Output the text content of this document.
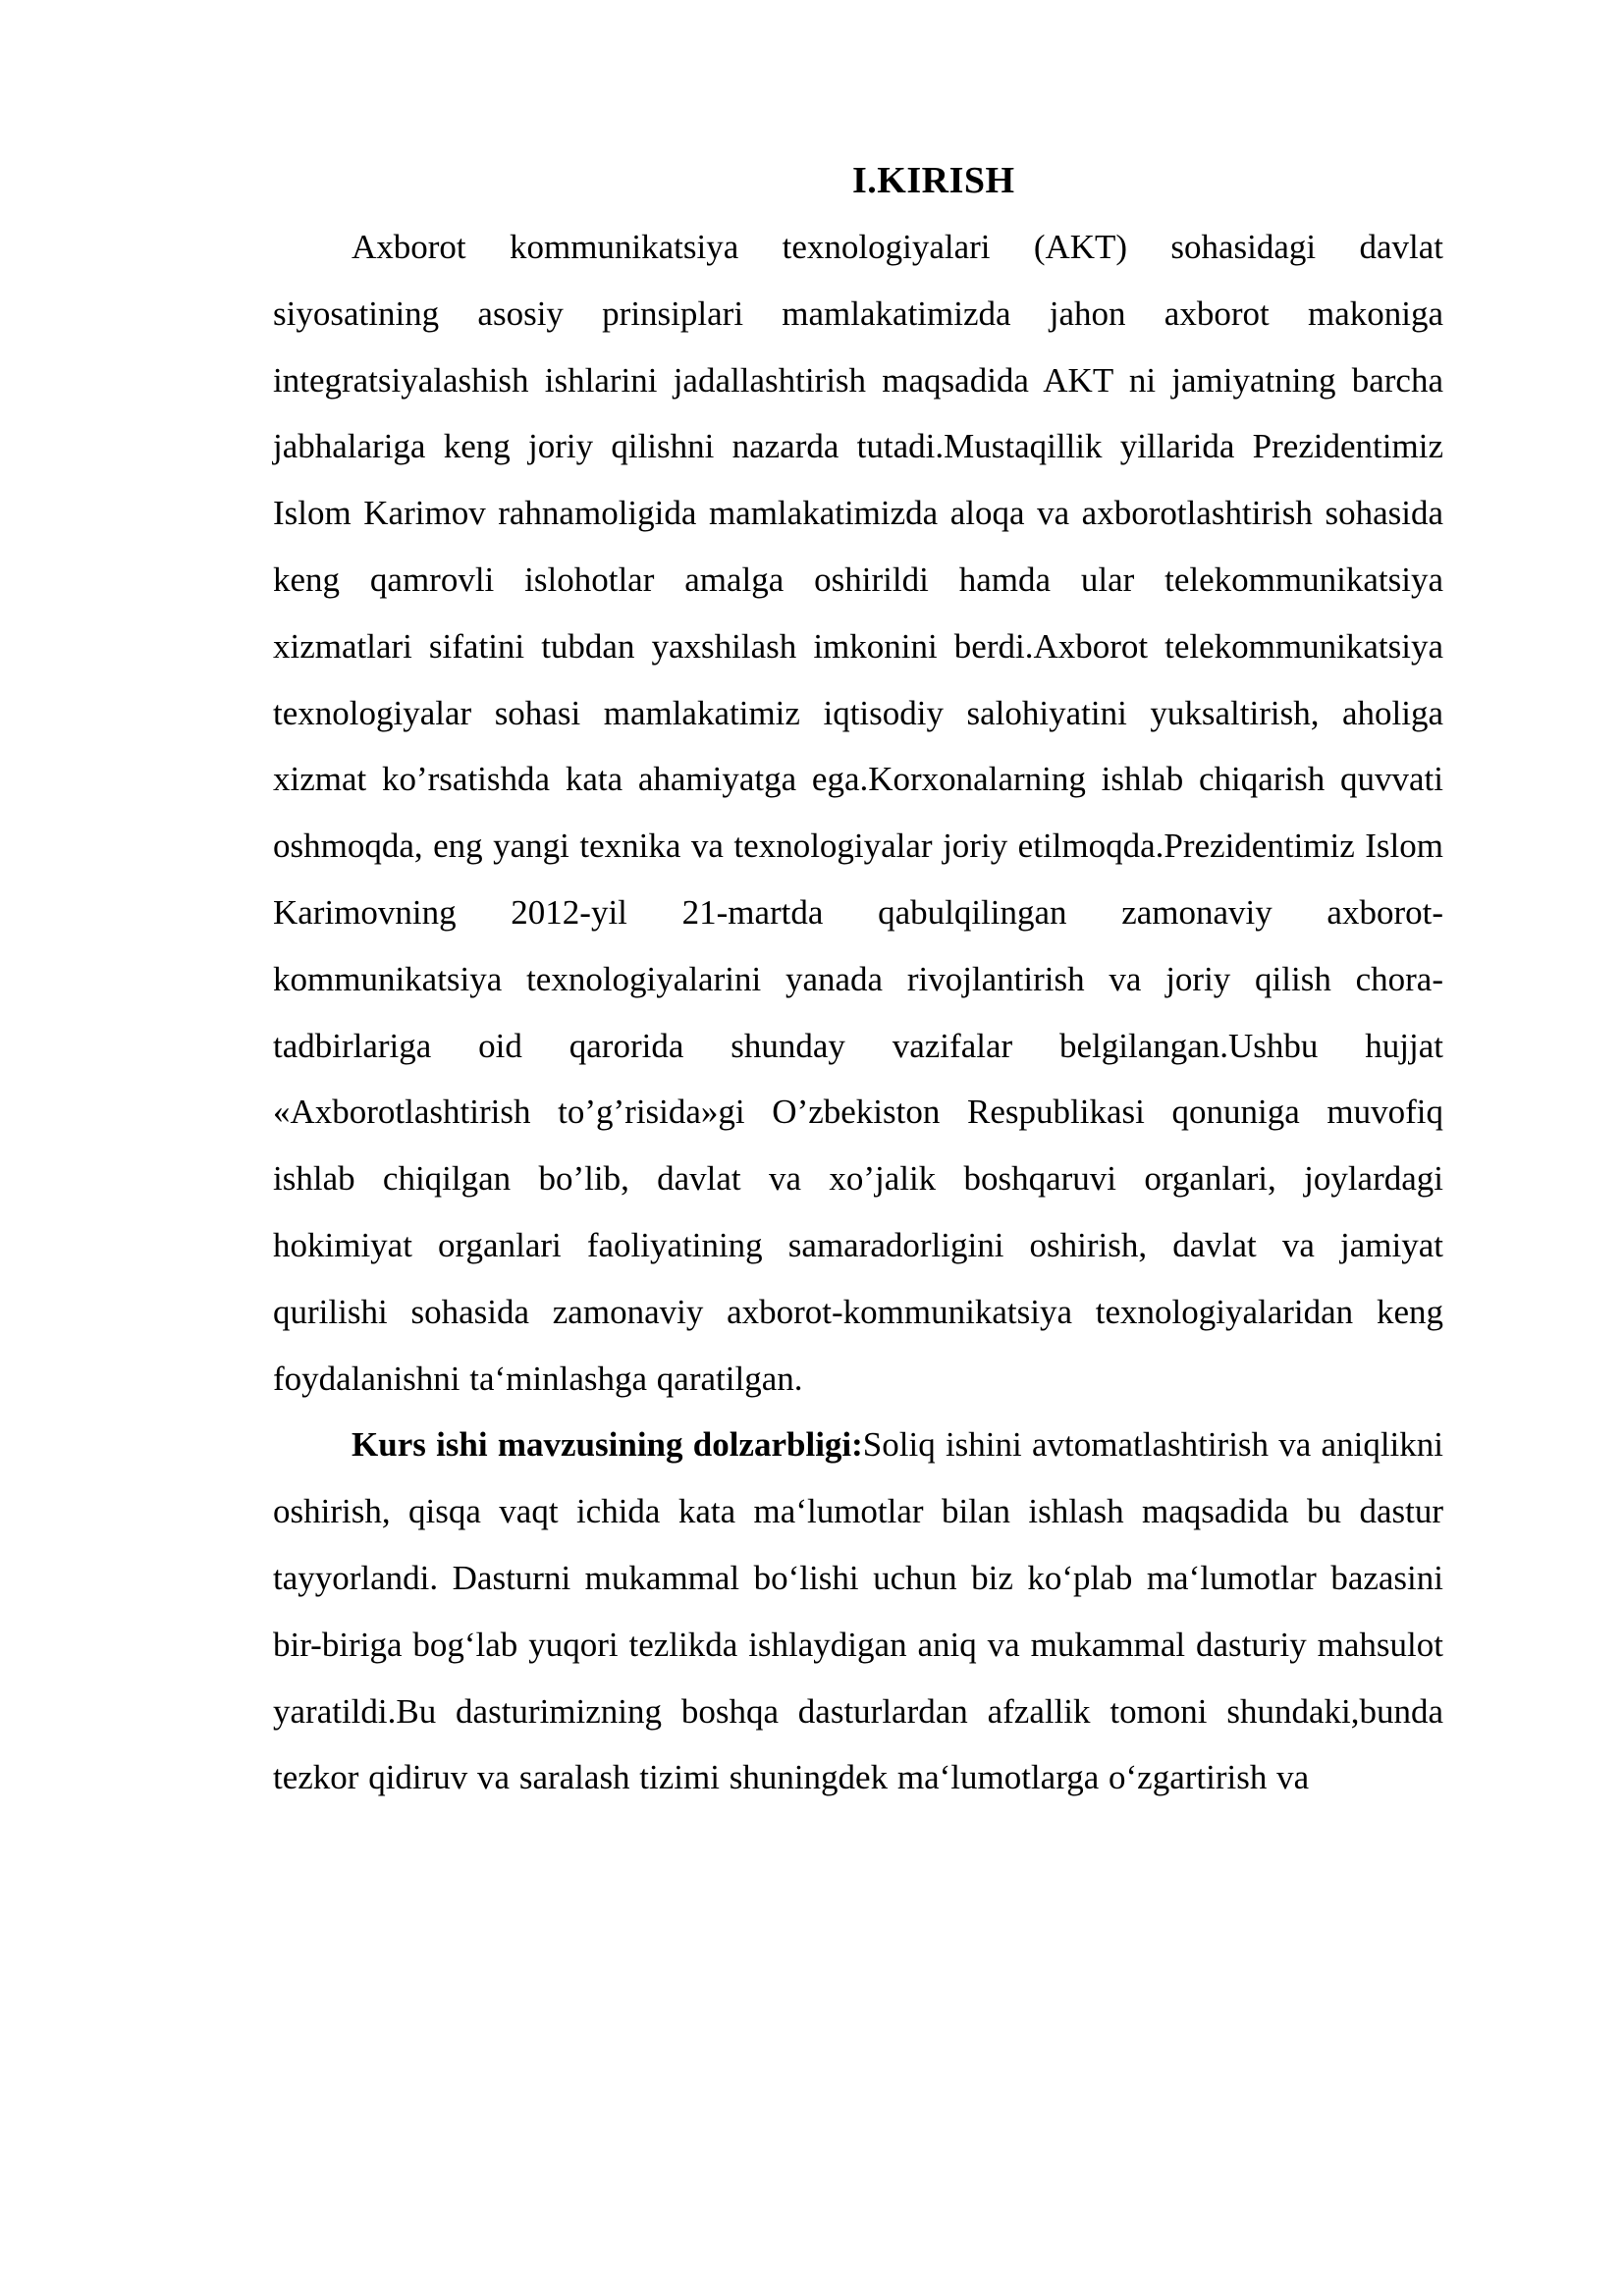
I.KIRISH

Axborot kommunikatsiya texnologiyalari (AKT) sohasidagi davlat siyosatining asosiy prinsiplari mamlakatimizda jahon axborot makoniga integratsiyalashish ishlarini jadallashtirish maqsadida AKT ni jamiyatning barcha jabhalariga keng joriy qilishni nazarda tutadi.Mustaqillik yillarida Prezidentimiz Islom Karimov rahnamoligida mamlakatimizda aloqa va axborotlashtirish sohasida keng qamrovli islohotlar amalga oshirildi hamda ular telekommunikatsiya xizmatlari sifatini tubdan yaxshilash imkonini berdi.Axborot telekommunikatsiya texnologiyalar sohasi mamlakatimiz iqtisodiy salohiyatini yuksaltirish, aholiga xizmat ko’rsatishda kata ahamiyatga ega.Korxonalarning ishlab chiqarish quvvati oshmoqda, eng yangi texnika va texnologiyalar joriy etilmoqda.Prezidentimiz Islom Karimovning 2012-yil 21-martda qabulqilingan zamonaviy axborot-kommunikatsiya texnologiyalarini yanada rivojlantirish va joriy qilish chora-tadbirlariga oid qarorida shunday vazifalar belgilangan.Ushbu hujjat «Axborotlashtirish to’g’risida»gi O’zbekiston Respublikasi qonuniga muvofiq ishlab chiqilgan bo’lib, davlat va xo’jalik boshqaruvi organlari, joylardagi hokimiyat organlari faoliyatining samaradorligini oshirish, davlat va jamiyat qurilishi sohasida zamonaviy axborot-kommunikatsiya texnologiyalaridan keng foydalanishni ta‘minlashga qaratilgan.

Kurs ishi mavzusining dolzarbligi:Soliq ishini avtomatlashtirish va aniqlikni oshirish, qisqa vaqt ichida kata ma‘lumotlar bilan ishlash maqsadida bu dastur tayyorlandi. Dasturni mukammal bo‘lishi uchun biz ko‘plab ma‘lumotlar bazasini bir-biriga bog‘lab yuqori tezlikda ishlaydigan aniq va mukammal dasturiy mahsulot yaratildi.Bu dasturimizning boshqa dasturlardan afzallik tomoni shundaki,bunda tezkor qidiruv va saralash tizimi shuningdek ma‘lumotlarga o‘zgartirish va
